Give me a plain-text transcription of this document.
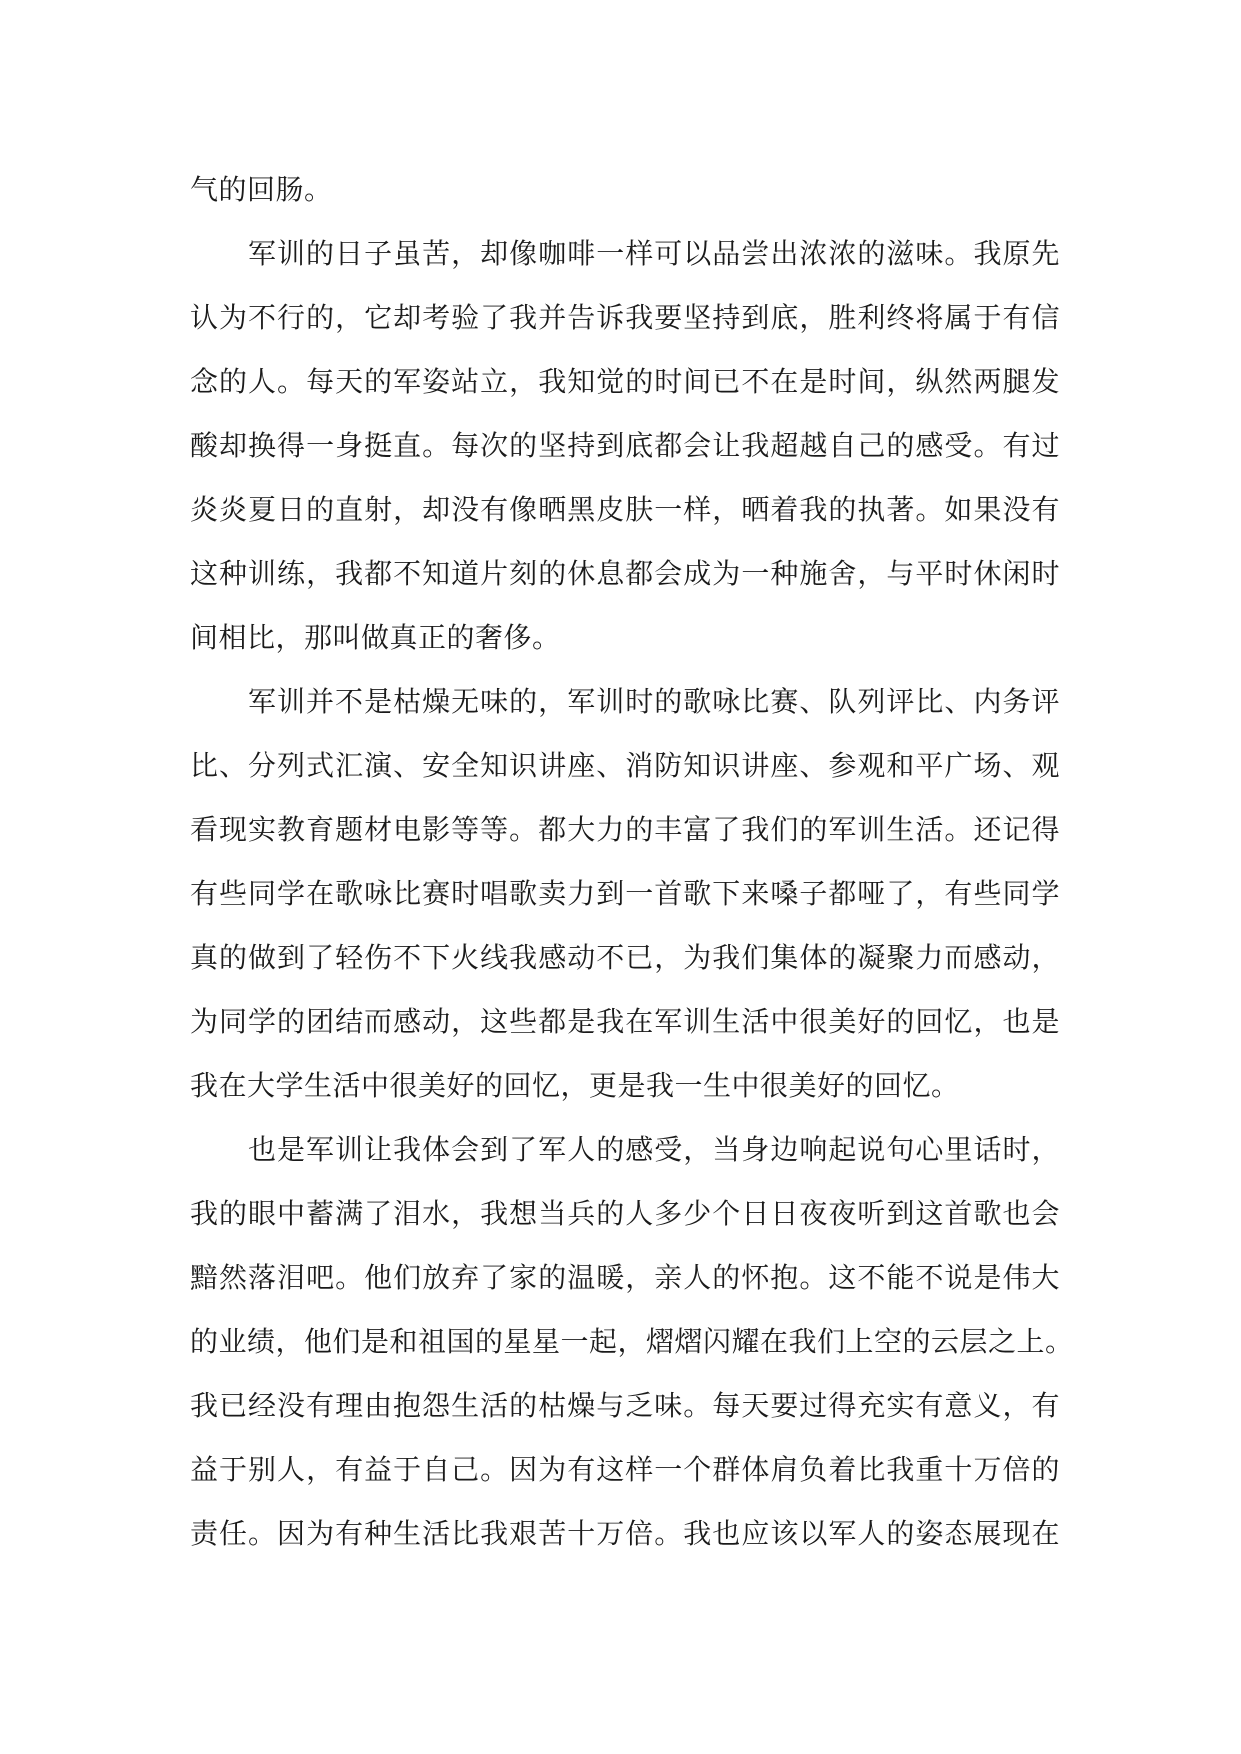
气的回肠。
军训的日子虽苦，却像咖啡一样可以品尝出浓浓的滋味。我原先
认为不行的，它却考验了我并告诉我要坚持到底，胜利终将属于有信
念的人。每天的军姿站立，我知觉的时间已不在是时间，纵然两腿发
酸却换得一身挺直。每次的坚持到底都会让我超越自己的感受。有过
炎炎夏日的直射，却没有像晒黑皮肤一样，晒着我的执著。如果没有
这种训练，我都不知道片刻的休息都会成为一种施舍，与平时休闲时
间相比，那叫做真正的奢侈。
军训并不是枯燥无味的，军训时的歌咏比赛、队列评比、内务评
比、分列式汇演、安全知识讲座、消防知识讲座、参观和平广场、观
看现实教育题材电影等等。都大力的丰富了我们的军训生活。还记得
有些同学在歌咏比赛时唱歌卖力到一首歌下来嗓子都哑了，有些同学
真的做到了轻伤不下火线我感动不已，为我们集体的凝聚力而感动，
为同学的团结而感动，这些都是我在军训生活中很美好的回忆，也是
我在大学生活中很美好的回忆，更是我一生中很美好的回忆。
也是军训让我体会到了军人的感受，当身边响起说句心里话时，
我的眼中蓄满了泪水，我想当兵的人多少个日日夜夜听到这首歌也会
黯然落泪吧。他们放弃了家的温暖，亲人的怀抱。这不能不说是伟大
的业绩，他们是和祖国的星星一起，熠熠闪耀在我们上空的云层之上。
我已经没有理由抱怨生活的枯燥与乏味。每天要过得充实有意义，有
益于别人，有益于自己。因为有这样一个群体肩负着比我重十万倍的
责任。因为有种生活比我艰苦十万倍。我也应该以军人的姿态展现在
